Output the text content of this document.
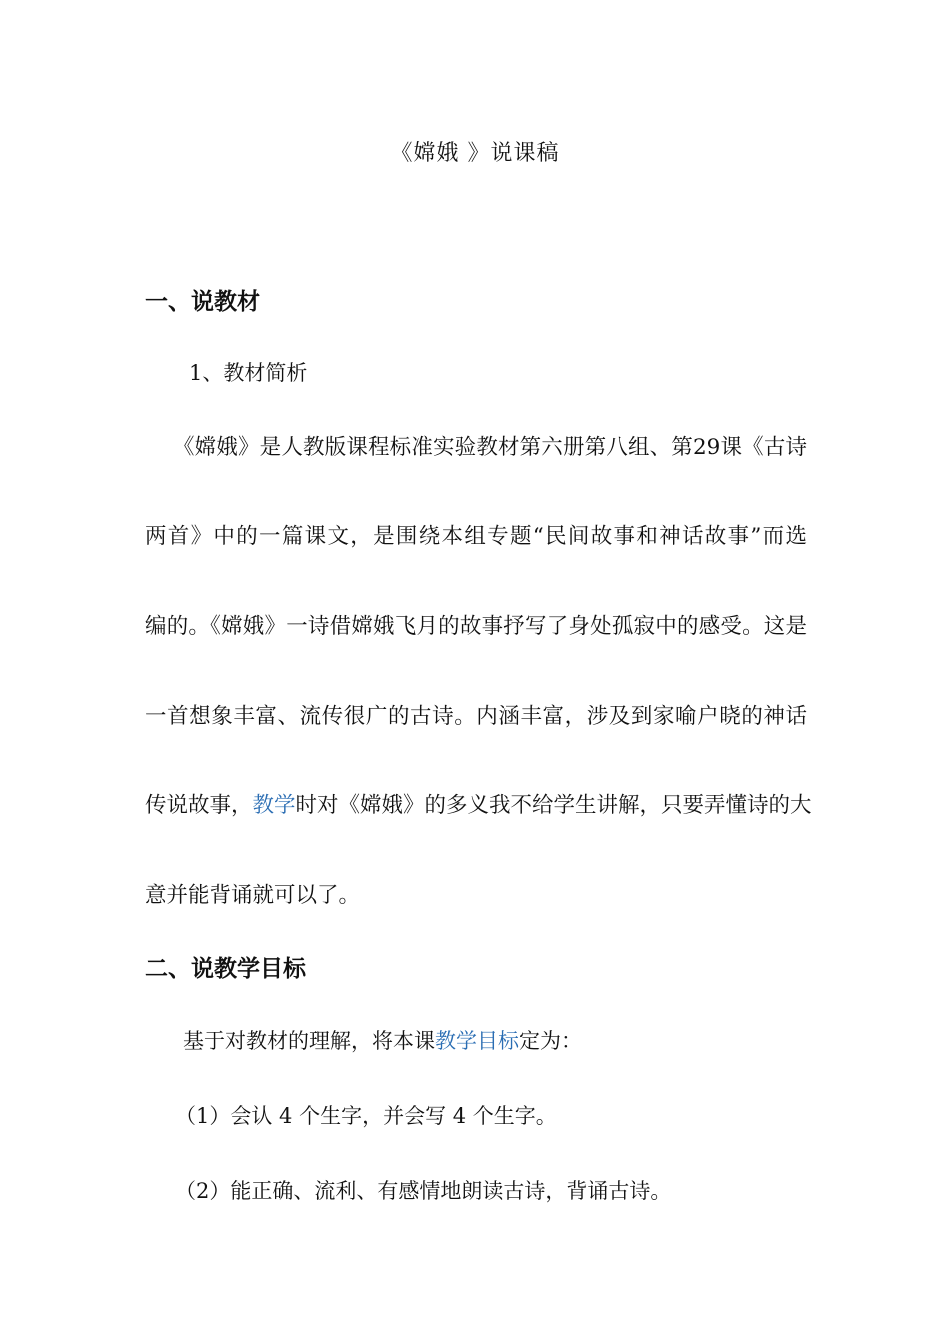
《嫦娥 》说课稿
一、说教材
1、教材简析
《嫦娥》是人教版课程标准实验教材第六册第八组、第29课《古诗
两首》中的一篇课文，是围绕本组专题“民间故事和神话故事”而选
编的。《嫦娥》一诗借嫦娥飞月的故事抒写了身处孤寂中的感受。这是
一首想象丰富、流传很广的古诗。内涵丰富，涉及到家喻户晓的神话
传说故事，教学时对《嫦娥》的多义我不给学生讲解，只要弄懂诗的大
意并能背诵就可以了。
二、说教学目标
基于对教材的理解，将本课教学目标定为：
（1）会认 4 个生字，并会写 4 个生字。
（2）能正确、流利、有感情地朗读古诗，背诵古诗。
